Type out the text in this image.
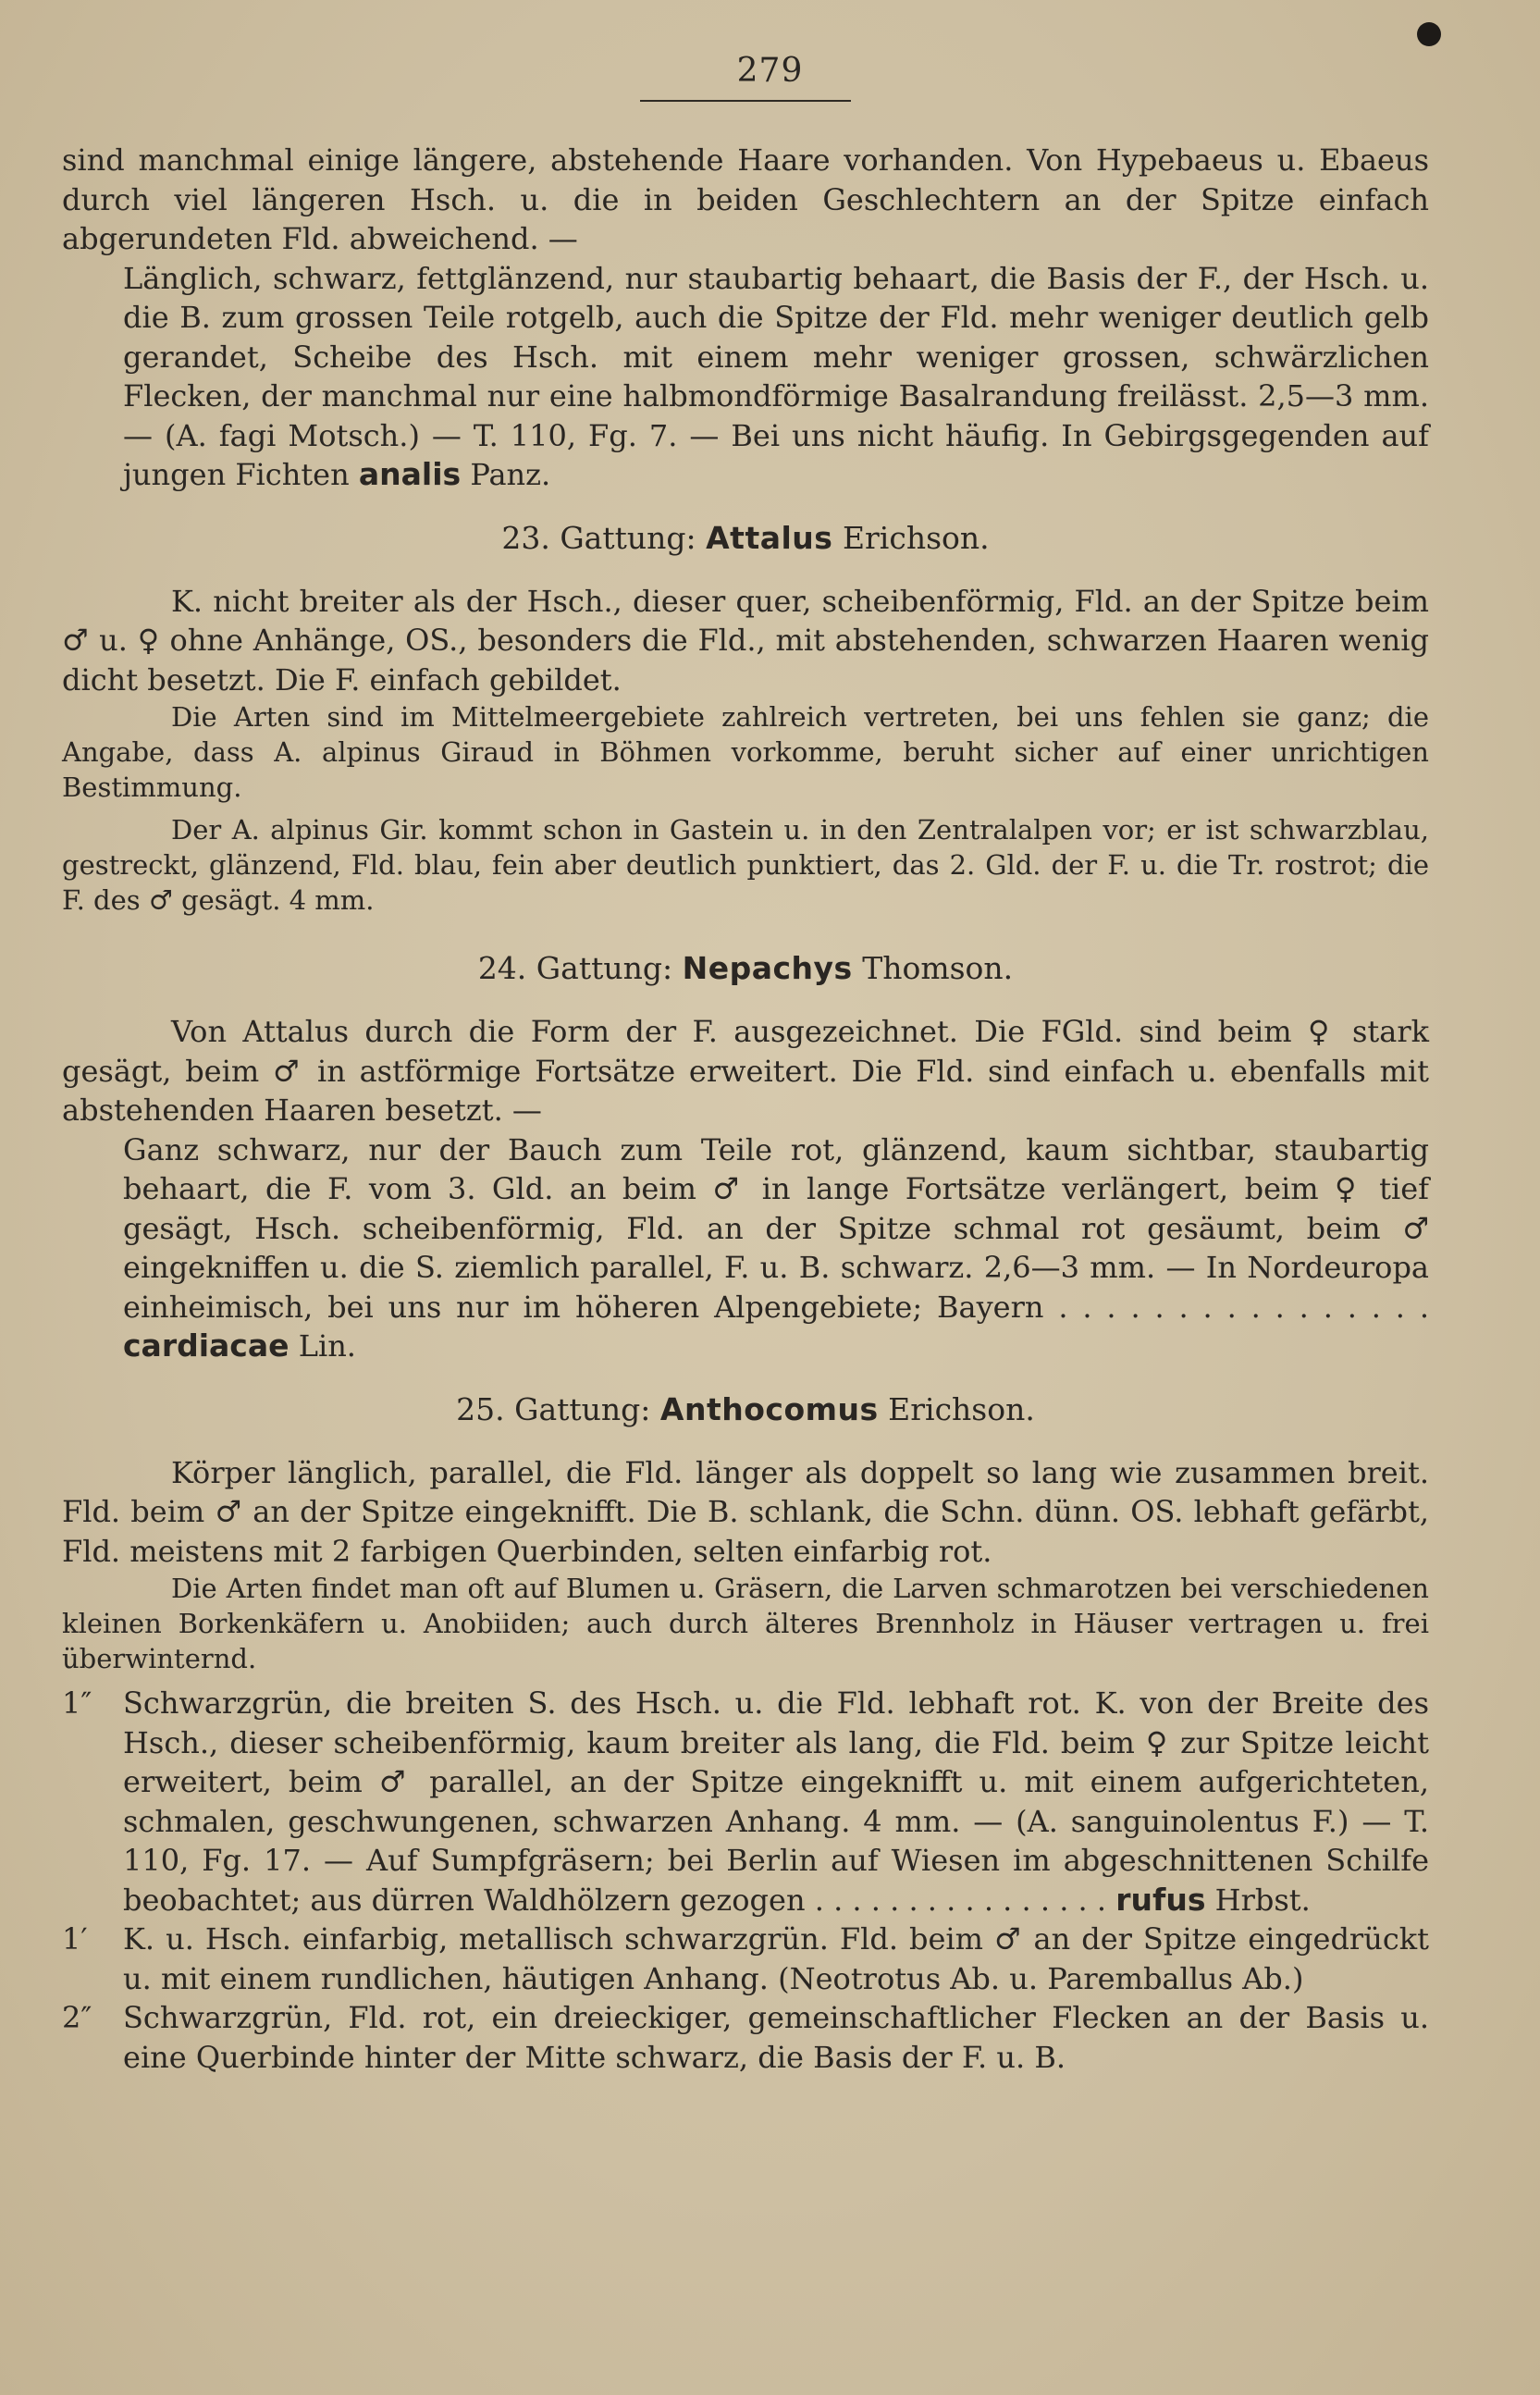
279

sind manchmal einige längere, abstehende Haare vorhanden. Von Hypebaeus u. Ebaeus durch viel längeren Hsch. u. die in beiden Geschlechtern an der Spitze einfach abgerundeten Fld. abweichend. —

Länglich, schwarz, fettglänzend, nur staubartig behaart, die Basis der F., der Hsch. u. die B. zum grossen Teile rotgelb, auch die Spitze der Fld. mehr weniger deutlich gelb gerandet, Scheibe des Hsch. mit einem mehr weniger grossen, schwärzlichen Flecken, der manchmal nur eine halbmondförmige Basalrandung freilässt. 2,5—3 mm. — (A. fagi Motsch.) — T. 110, Fg. 7. — Bei uns nicht häufig. In Gebirgsgegenden auf jungen Fichten analis Panz.

23. Gattung: Attalus Erichson.

K. nicht breiter als der Hsch., dieser quer, scheibenförmig, Fld. an der Spitze beim ♂ u. ♀ ohne Anhänge, OS., besonders die Fld., mit abstehenden, schwarzen Haaren wenig dicht besetzt. Die F. einfach gebildet.

Die Arten sind im Mittelmeergebiete zahlreich vertreten, bei uns fehlen sie ganz; die Angabe, dass A. alpinus Giraud in Böhmen vorkomme, beruht sicher auf einer unrichtigen Bestimmung.

Der A. alpinus Gir. kommt schon in Gastein u. in den Zentralalpen vor; er ist schwarzblau, gestreckt, glänzend, Fld. blau, fein aber deutlich punktiert, das 2. Gld. der F. u. die Tr. rostrot; die F. des ♂ gesägt. 4 mm.

24. Gattung: Nepachys Thomson.

Von Attalus durch die Form der F. ausgezeichnet. Die FGld. sind beim ♀ stark gesägt, beim ♂ in astförmige Fortsätze erweitert. Die Fld. sind einfach u. ebenfalls mit abstehenden Haaren besetzt. —

Ganz schwarz, nur der Bauch zum Teile rot, glänzend, kaum sichtbar, staubartig behaart, die F. vom 3. Gld. an beim ♂ in lange Fortsätze verlängert, beim ♀ tief gesägt, Hsch. scheibenförmig, Fld. an der Spitze schmal rot gesäumt, beim ♂ eingekniffen u. die S. ziemlich parallel, F. u. B. schwarz. 2,6—3 mm. — In Nordeuropa einheimisch, bei uns nur im höheren Alpengebiete; Bayern . . . . . . . . . . . . . . . . cardiacae Lin.

25. Gattung: Anthocomus Erichson.

Körper länglich, parallel, die Fld. länger als doppelt so lang wie zusammen breit. Fld. beim ♂ an der Spitze eingekniﬀt. Die B. schlank, die Schn. dünn. OS. lebhaft gefärbt, Fld. meistens mit 2 farbigen Querbinden, selten einfarbig rot.

Die Arten findet man oft auf Blumen u. Gräsern, die Larven schmarotzen bei verschiedenen kleinen Borkenkäfern u. Anobiiden; auch durch älteres Brennholz in Häuser vertragen u. frei überwinternd.

1″ Schwarzgrün, die breiten S. des Hsch. u. die Fld. lebhaft rot. K. von der Breite des Hsch., dieser scheibenförmig, kaum breiter als lang, die Fld. beim ♀ zur Spitze leicht erweitert, beim ♂ parallel, an der Spitze eingekniﬀt u. mit einem aufgerichteten, schmalen, geschwungenen, schwarzen Anhang. 4 mm. — (A. sanguinolentus F.) — T. 110, Fg. 17. — Auf Sumpfgräsern; bei Berlin auf Wiesen im abgeschnittenen Schilfe beobachtet; aus dürren Waldhölzern gezogen . . . . . . . . . . . . . . . . rufus Hrbst.

1′ K. u. Hsch. einfarbig, metallisch schwarzgrün. Fld. beim ♂ an der Spitze eingedrückt u. mit einem rundlichen, häutigen Anhang. (Neotrotus Ab. u. Paremballus Ab.)

2″ Schwarzgrün, Fld. rot, ein dreieckiger, gemeinschaftlicher Flecken an der Basis u. eine Querbinde hinter der Mitte schwarz, die Basis der F. u. B.
